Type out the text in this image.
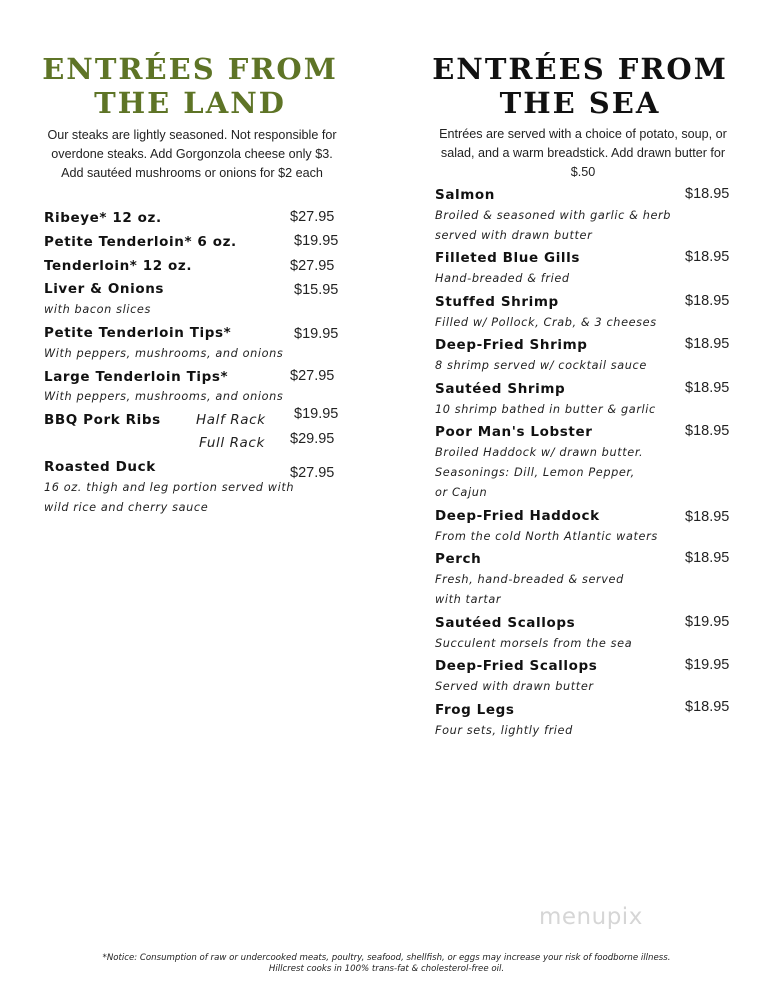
ENTRÉES FROM
THE LAND

Our steaks are lightly seasoned. Not responsible for overdone steaks. Add Gorgonzola cheese only $3. Add sautéed mushrooms or onions for $2 each

Ribeye* 12 oz.	$27.95
Petite Tenderloin* 6 oz.	$19.95
Tenderloin* 12 oz.	$27.95
Liver & Onions	$15.95
with bacon slices
Petite Tenderloin Tips*	$19.95
With peppers, mushrooms, and onions
Large Tenderloin Tips*	$27.95
With peppers, mushrooms, and onions
BBQ Pork Ribs	Half Rack $19.95
Full Rack $29.95
Roasted Duck	$27.95
16 oz. thigh and leg portion served with
wild rice and cherry sauce
ENTRÉES FROM
THE SEA

Entrées are served with a choice of potato, soup, or salad, and a warm breadstick. Add drawn butter for $.50

Salmon	$18.95
Broiled & seasoned with garlic & herb
served with drawn butter
Filleted Blue Gills	$18.95
Hand-breaded & fried
Stuffed Shrimp	$18.95
Filled w/ Pollock, Crab, & 3 cheeses
Deep-Fried Shrimp	$18.95
8 shrimp served w/ cocktail sauce
Sautéed Shrimp	$18.95
10 shrimp bathed in butter & garlic
Poor Man's Lobster	$18.95
Broiled Haddock w/ drawn butter.
Seasonings: Dill, Lemon Pepper,
or Cajun
Deep-Fried Haddock	$18.95
From the cold North Atlantic waters
Perch	$18.95
Fresh, hand-breaded & served
with tartar
Sautéed Scallops	$19.95
Succulent morsels from the sea
Deep-Fried Scallops	$19.95
Served with drawn butter
Frog Legs	$18.95
Four sets, lightly fried
menupix

*Notice: Consumption of raw or undercooked meats, poultry, seafood, shellfish, or eggs may increase your risk of foodborne illness.
Hillcrest cooks in 100% trans-fat & cholesterol-free oil.
